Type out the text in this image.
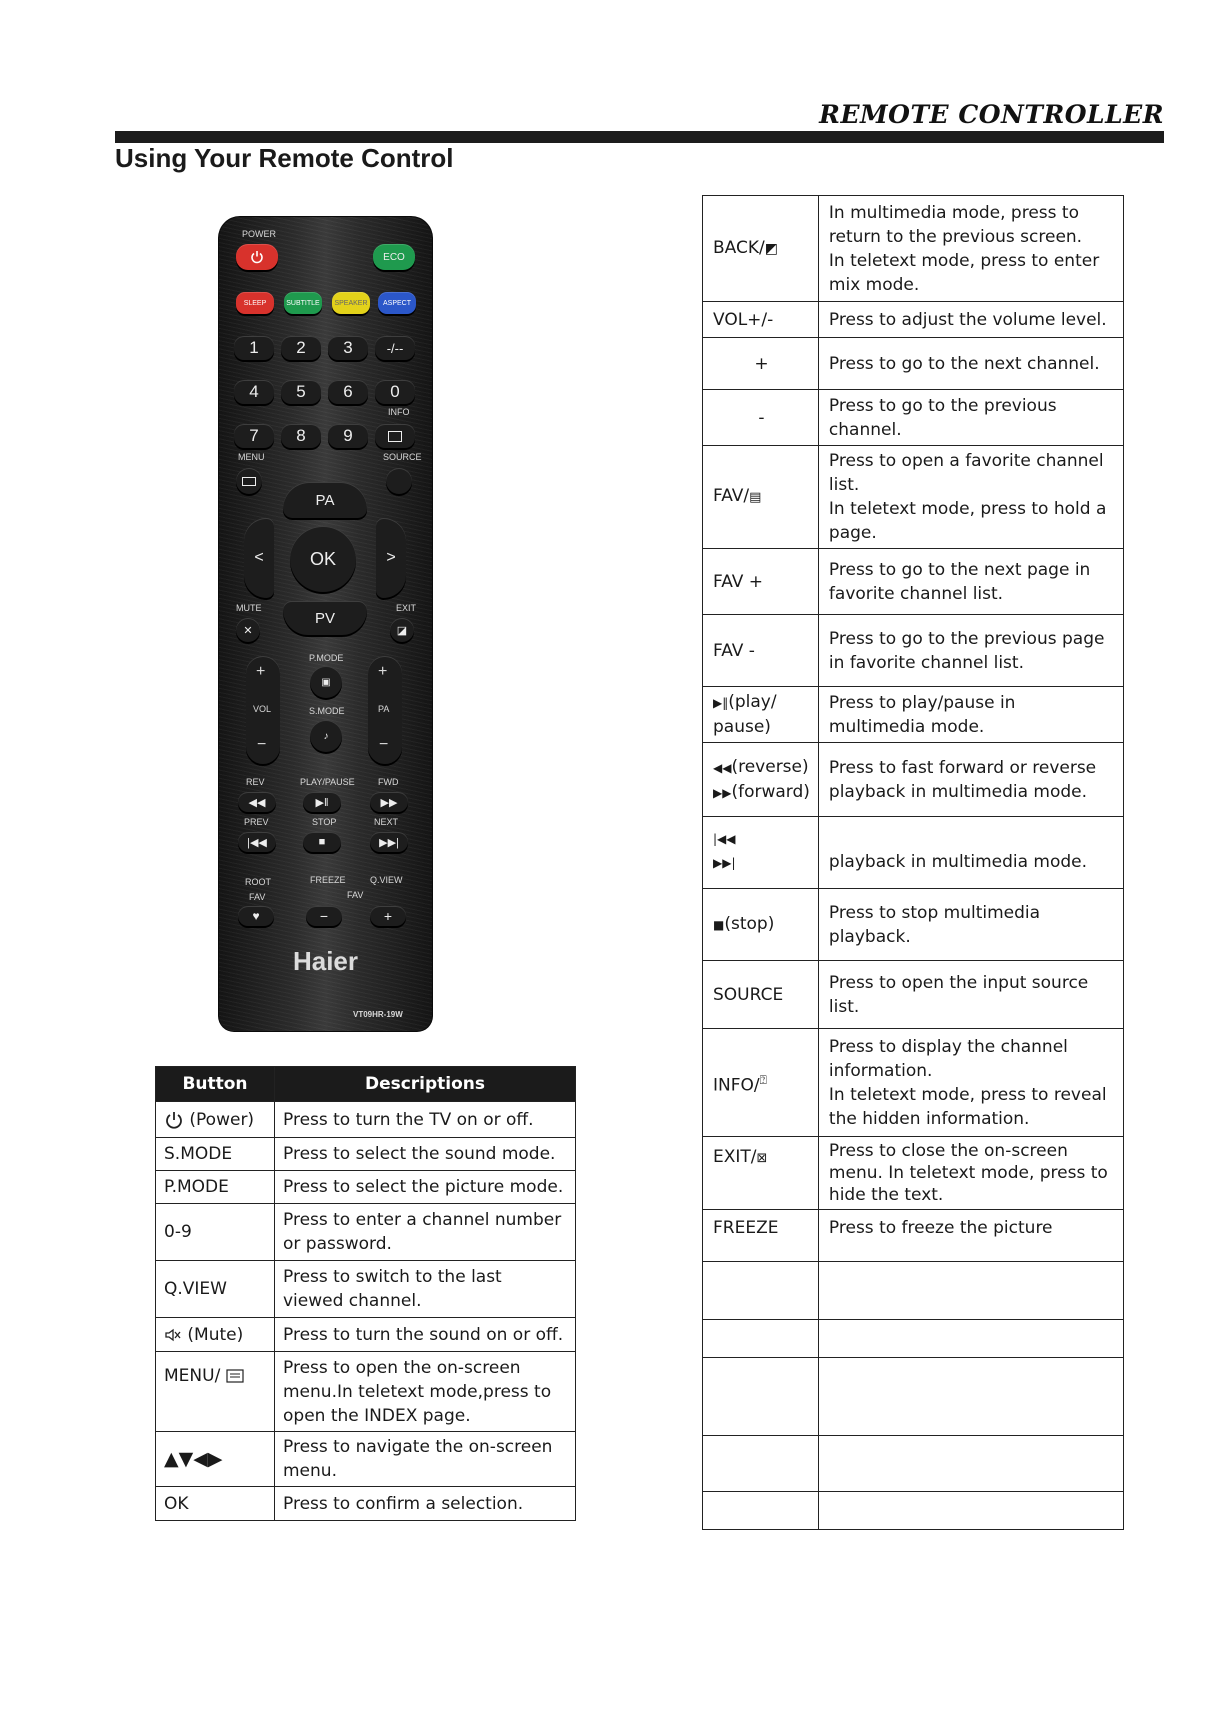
REMOTE CONTROLLER
Using Your Remote Control
POWER
ECO
SLEEP	SUBTITLE	SPEAKER	ASPECT
1	2	3	-/--
4	5	6	0
INFO
7	8	9
MENU	SOURCE
PA
<	>
OK
PV
MUTE	EXIT
✕	◪
P.MODE
▣
S.MODE
♪
+
VOL
−
+
PA
−
REV	PLAY/PAUSE	FWD
◀◀	▶‖	▶▶
PREV	STOP	NEXT
|◀◀	■	▶▶|
ROOT	FREEZE	Q.VIEW
FAV	FAV
♥	−	+
Haier
VT09HR-19W
Button	Descriptions
(Power)	Press to turn the TV on or off.
S.MODE	Press to select the sound mode.
P.MODE	Press to select the picture mode.
0-9	Press to enter a channel number or password.
Q.VIEW	Press to switch to the last viewed channel.
(Mute)	Press to turn the sound on or off.
MENU/	Press to open the on-screen menu.In teletext mode,press to open the INDEX page.
▲▼◀▶	Press to navigate the on-screen menu.
OK	Press to confirm a selection.
BACK/◩	In multimedia mode, press to return to the previous screen.
In teletext mode, press to enter mix mode.

VOL+/-	Press to adjust the volume level.
+	Press to go to the next channel.
-	Press to go to the previous channel.
FAV/▤	Press to open a favorite channel list.
In teletext mode, press to hold a page.

FAV +	Press to go to the next page in favorite channel list.
FAV -	Press to go to the previous page in favorite channel list.
▶‖(play/ pause)	Press to play/pause in multimedia mode.

◀◀(reverse)
▶▶(forward)	Press to fast forward or reverse playback in multimedia mode.

|◀◀
▶▶|	playback in multimedia mode.
■(stop)	Press to stop multimedia playback.
SOURCE	Press to open the input source list.
INFO/⍰	Press to display the channel information.
In teletext mode, press to reveal the hidden information.

EXIT/⊠	Press to close the on-screen menu. In teletext mode, press to hide the text.
FREEZE	Press to freeze the picture
